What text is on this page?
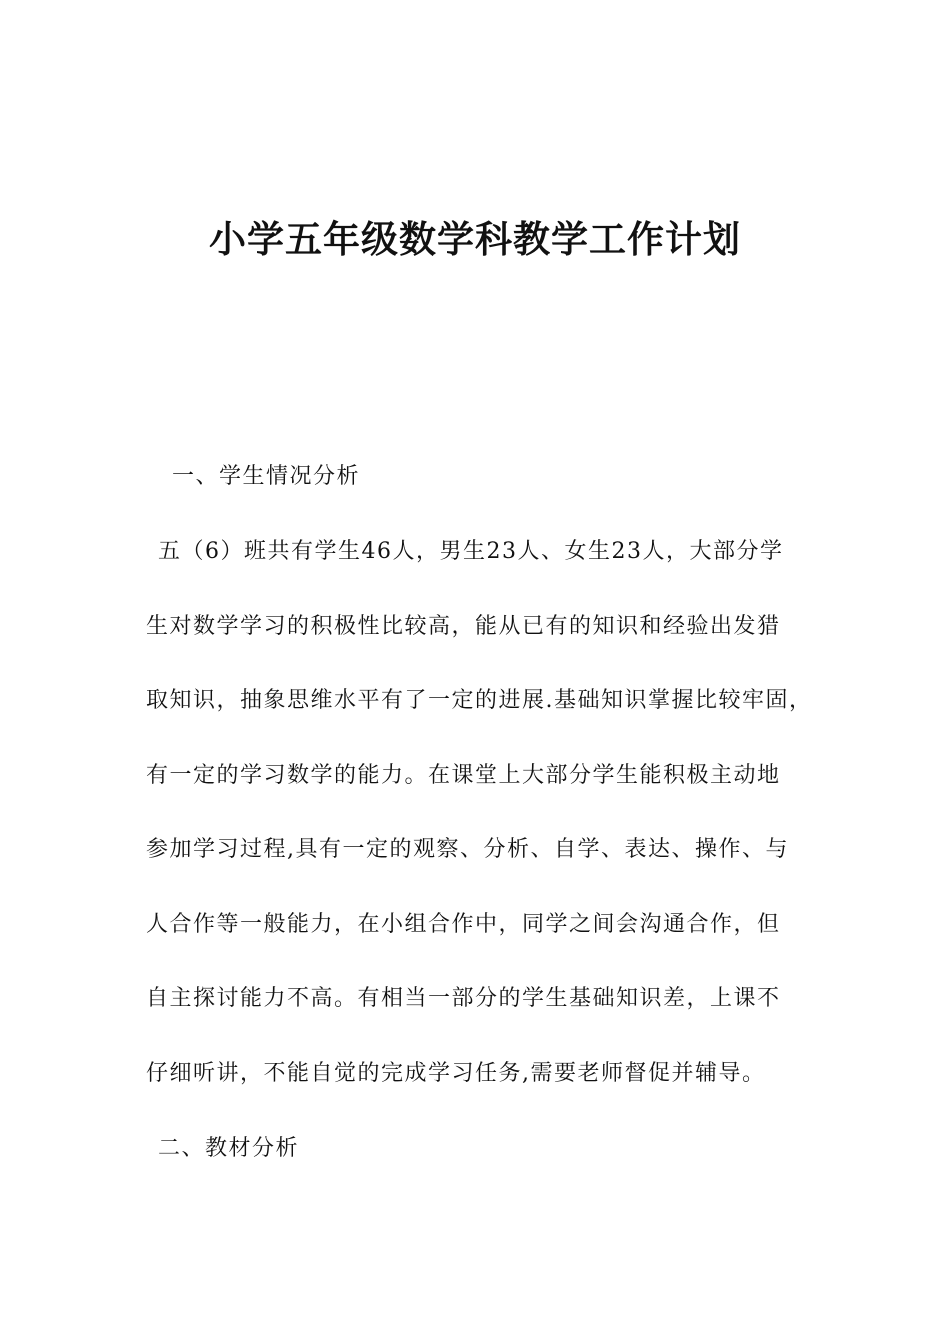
小学五年级数学科教学工作计划

一、学生情况分析

五（6）班共有学生46人，男生23人、女生23人，大部分学

生对数学学习的积极性比较高，能从已有的知识和经验出发猎

取知识，抽象思维水平有了一定的进展.基础知识掌握比较牢固，

有一定的学习数学的能力。在课堂上大部分学生能积极主动地

参加学习过程,具有一定的观察、分析、自学、表达、操作、与

人合作等一般能力，在小组合作中，同学之间会沟通合作，但

自主探讨能力不高。有相当一部分的学生基础知识差，上课不

仔细听讲，不能自觉的完成学习任务,需要老师督促并辅导。

二、教材分析
